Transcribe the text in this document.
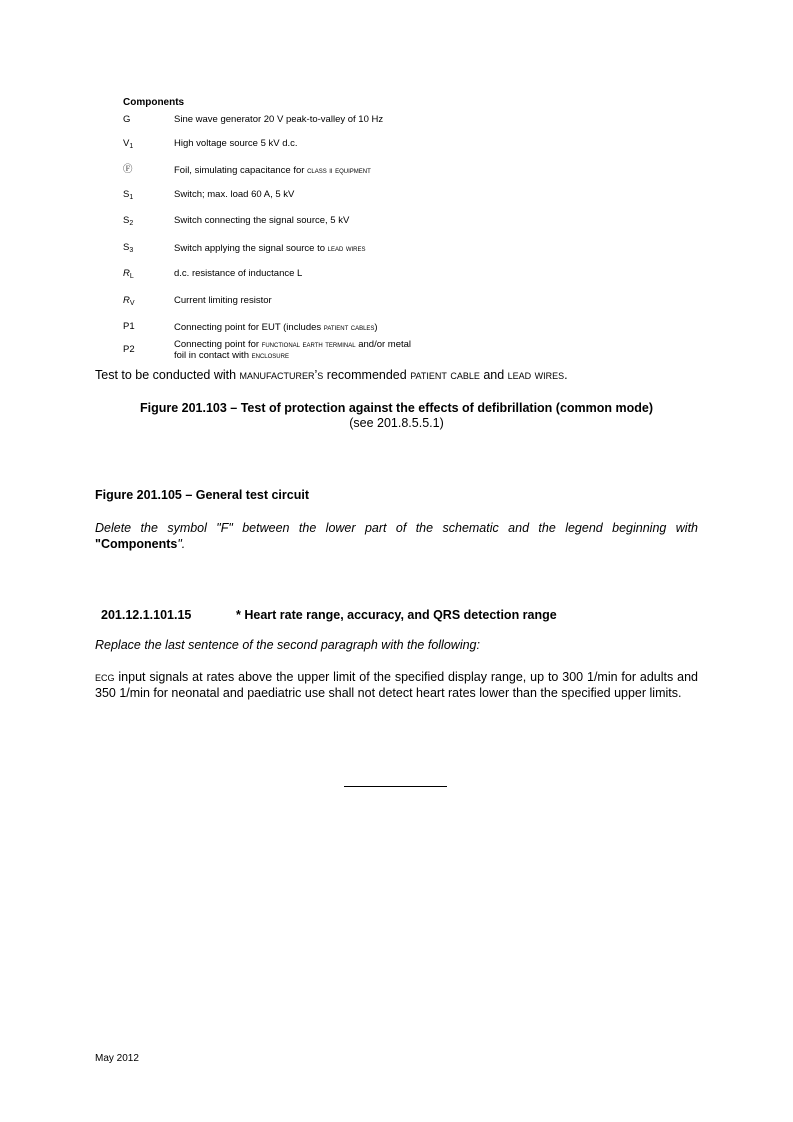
Components
G	Sine wave generator 20 V peak-to-valley of 10 Hz
$V_1$	High voltage source 5 kV d.c.
Ⓕ	Foil, simulating capacitance for class ii equipment
$S_1$	Switch; max. load 60 A, 5 kV
$S_2$	Switch connecting the signal source, 5 kV
$S_3$	Switch applying the signal source to lead wires
$R_L$	d.c. resistance of inductance L
$R_V$	Current limiting resistor
P1	Connecting point for EUT (includes patient cables)
P2	Connecting point for functional earth terminal and/or metal
foil in contact with enclosure

Test to be conducted with manufacturer’s recommended patient cable and lead wires.

Figure 201.103 – Test of protection against the effects of defibrillation (common mode)
(see 201.8.5.5.1)

Figure 201.105 – General test circuit

Delete the symbol "F" between the lower part of the schematic and the legend beginning with "Components".

201.12.1.101.15	* Heart rate range, accuracy, and QRS detection range

Replace the last sentence of the second paragraph with the following:

ecg input signals at rates above the upper limit of the specified display range, up to 300 1/min for adults and 350 1/min for neonatal and paediatric use shall not detect heart rates lower than the specified upper limits.

May 2012
